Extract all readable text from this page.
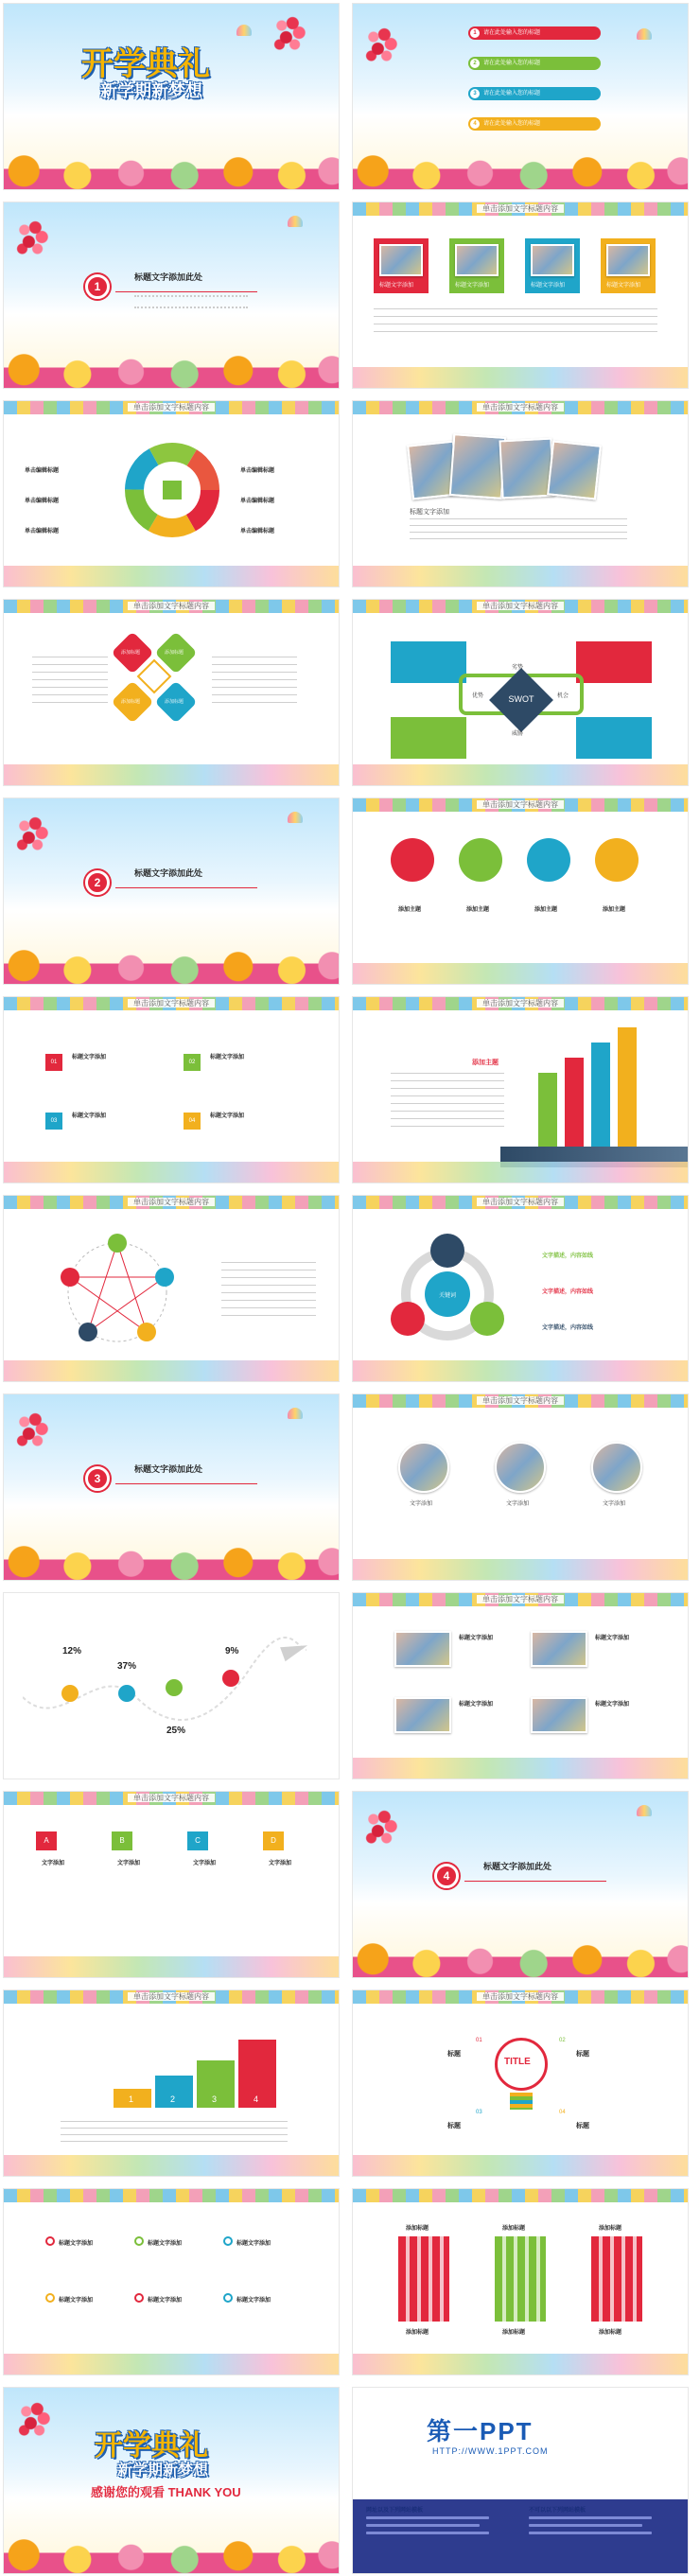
开学典礼
新学期新梦想
1	请在此处输入您的标题
2	请在此处输入您的标题
3	请在此处输入您的标题
4	请在此处输入您的标题
1
标题文字添加此处
单击添加文字标题内容
标题文字添加	标题文字添加	标题文字添加	标题文字添加
单击添加文字标题内容
单击编辑标题
单击编辑标题
单击编辑标题
单击编辑标题
单击编辑标题
单击编辑标题
单击添加文字标题内容
标题文字添加
单击添加文字标题内容
添加标题	添加标题
添加标题	添加标题
单击添加文字标题内容
SWOT
优势
劣势
机会
威胁
2
标题文字添加此处
单击添加文字标题内容
添加主题	添加主题	添加主题	添加主题
单击添加文字标题内容
01
标题文字添加
02
标题文字添加
03
标题文字添加
04
标题文字添加
单击添加文字标题内容
添加主题
单击添加文字标题内容	单击添加文字标题内容
关键词
文字描述，内容如线
文字描述，内容如线
文字描述，内容如线
3
标题文字添加此处
单击添加文字标题内容
文字添加	文字添加	文字添加
12%
37%
25%
9%
单击添加文字标题内容
标题文字添加	标题文字添加
标题文字添加	标题文字添加
单击添加文字标题内容
A
文字添加
B
文字添加
C
文字添加
D
文字添加
4
标题文字添加此处
单击添加文字标题内容
1	2	3	4
单击添加文字标题内容
TITLE
标题	标题
标题	标题
01	02
03	04
标题文字添加	标题文字添加	标题文字添加
标题文字添加	标题文字添加	标题文字添加
添加标题	添加标题	添加标题
添加标题	添加标题	添加标题
开学典礼
新学期新梦想
感谢您的观看 THANK YOU
第一PPT
HTTP://WWW.1PPT.COM
网址以及下列网站模板	不可以以下列网站模板
